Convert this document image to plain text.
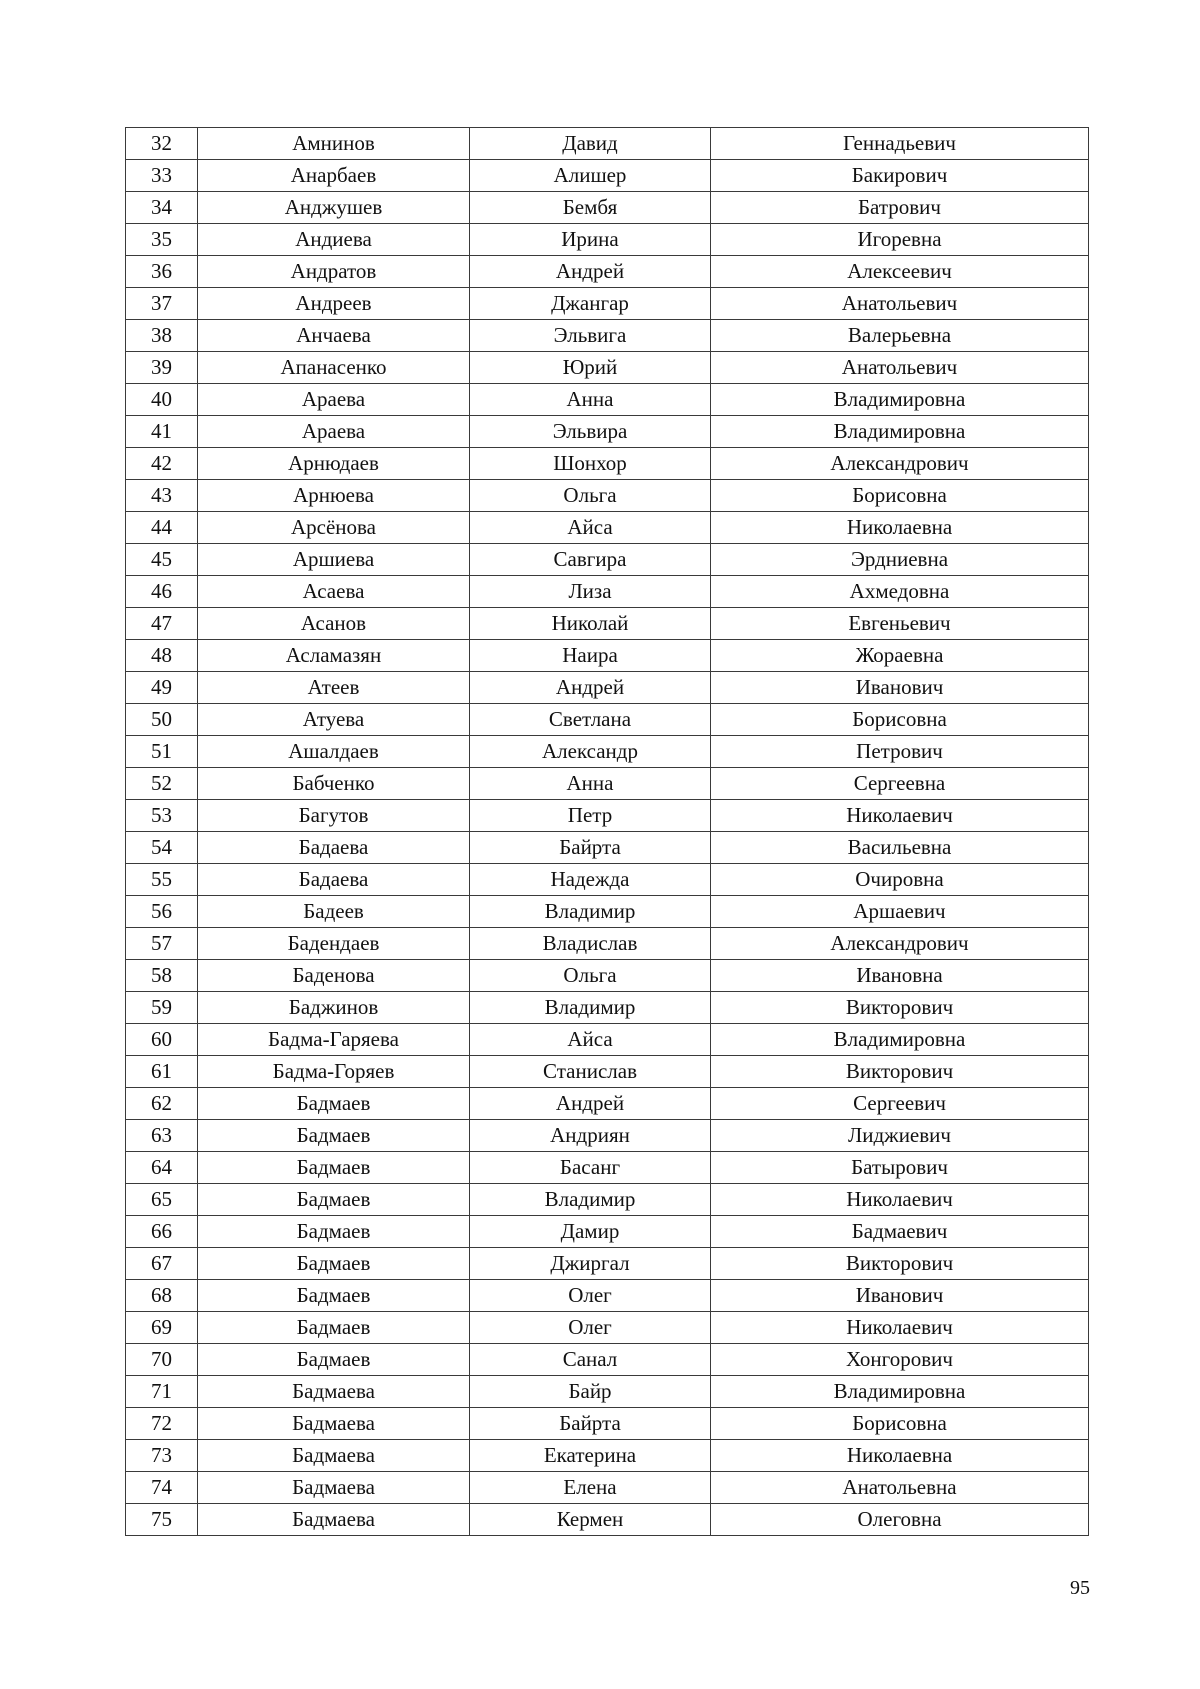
32	Амнинов	Давид	Геннадьевич
33	Анарбаев	Алишер	Бакирович
34	Анджушев	Бембя	Батрович
35	Андиева	Ирина	Игоревна
36	Андратов	Андрей	Алексеевич
37	Андреев	Джангар	Анатольевич
38	Анчаева	Эльвига	Валерьевна
39	Апанасенко	Юрий	Анатольевич
40	Араева	Анна	Владимировна
41	Араева	Эльвира	Владимировна
42	Арнюдаев	Шонхор	Александрович
43	Арнюева	Ольга	Борисовна
44	Арсёнова	Айса	Николаевна
45	Аршиева	Савгира	Эрдниевна
46	Асаева	Лиза	Ахмедовна
47	Асанов	Николай	Евгеньевич
48	Асламазян	Наира	Жораевна
49	Атеев	Андрей	Иванович
50	Атуева	Светлана	Борисовна
51	Ашалдаев	Александр	Петрович
52	Бабченко	Анна	Сергеевна
53	Багутов	Петр	Николаевич
54	Бадаева	Байрта	Васильевна
55	Бадаева	Надежда	Очировна
56	Бадеев	Владимир	Аршаевич
57	Бадендаев	Владислав	Александрович
58	Баденова	Ольга	Ивановна
59	Баджинов	Владимир	Викторович
60	Бадма-Гаряева	Айса	Владимировна
61	Бадма-Горяев	Станислав	Викторович
62	Бадмаев	Андрей	Сергеевич
63	Бадмаев	Андриян	Лиджиевич
64	Бадмаев	Басанг	Батырович
65	Бадмаев	Владимир	Николаевич
66	Бадмаев	Дамир	Бадмаевич
67	Бадмаев	Джиргал	Викторович
68	Бадмаев	Олег	Иванович
69	Бадмаев	Олег	Николаевич
70	Бадмаев	Санал	Хонгорович
71	Бадмаева	Байр	Владимировна
72	Бадмаева	Байрта	Борисовна
73	Бадмаева	Екатерина	Николаевна
74	Бадмаева	Елена	Анатольевна
75	Бадмаева	Кермен	Олеговна
95
